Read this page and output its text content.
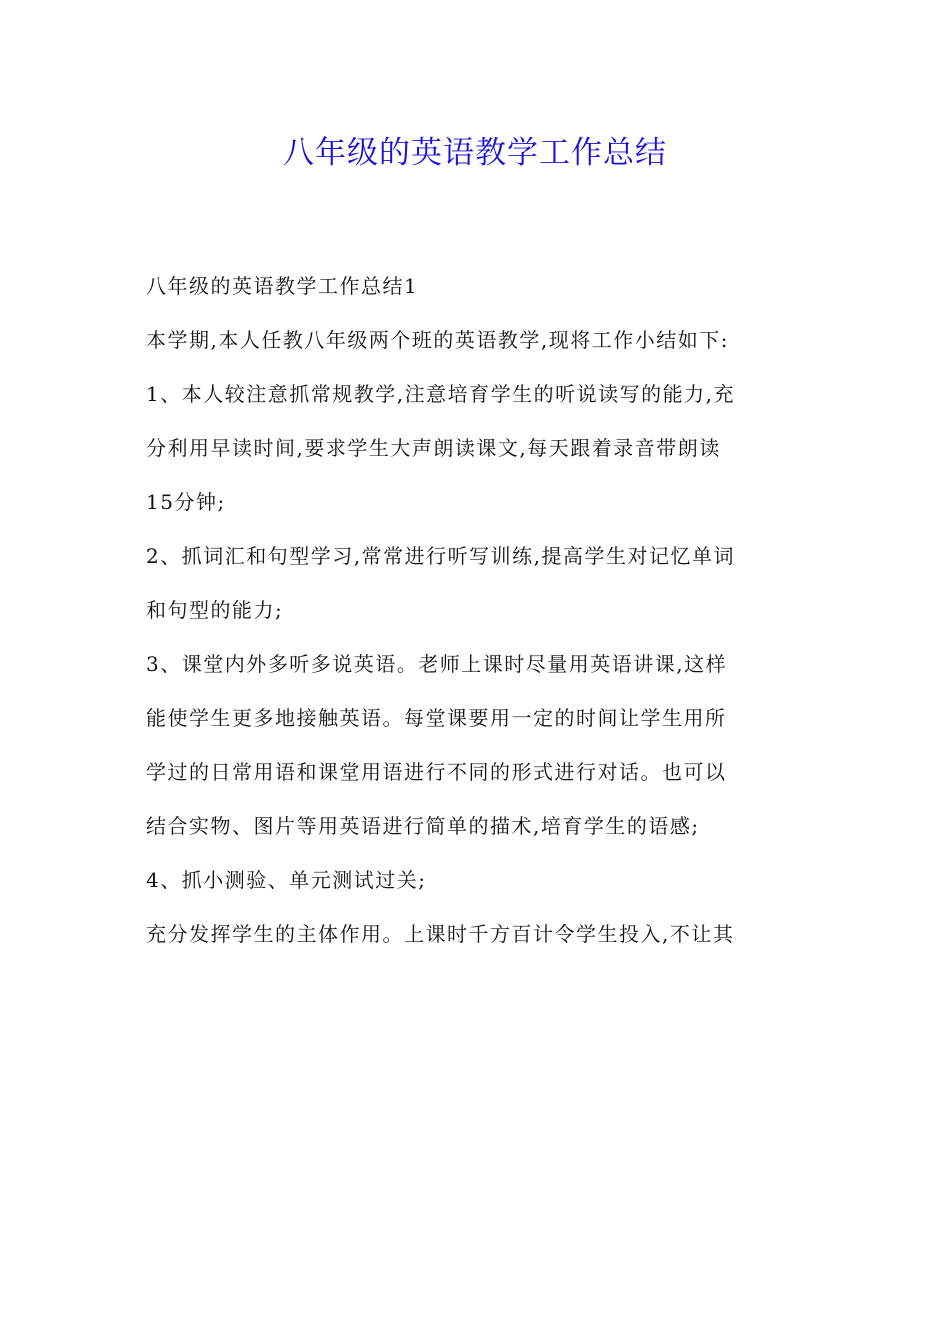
八年级的英语教学工作总结
八年级的英语教学工作总结1
本学期,本人任教八年级两个班的英语教学,现将工作小结如下:
1、本人较注意抓常规教学,注意培育学生的听说读写的能力,充
分利用早读时间,要求学生大声朗读课文,每天跟着录音带朗读
15分钟;
2、抓词汇和句型学习,常常进行听写训练,提高学生对记忆单词
和句型的能力;
3、课堂内外多听多说英语。老师上课时尽量用英语讲课,这样
能使学生更多地接触英语。每堂课要用一定的时间让学生用所
学过的日常用语和课堂用语进行不同的形式进行对话。也可以
结合实物、图片等用英语进行简单的描术,培育学生的语感;
4、抓小测验、单元测试过关;
充分发挥学生的主体作用。上课时千方百计令学生投入,不让其
